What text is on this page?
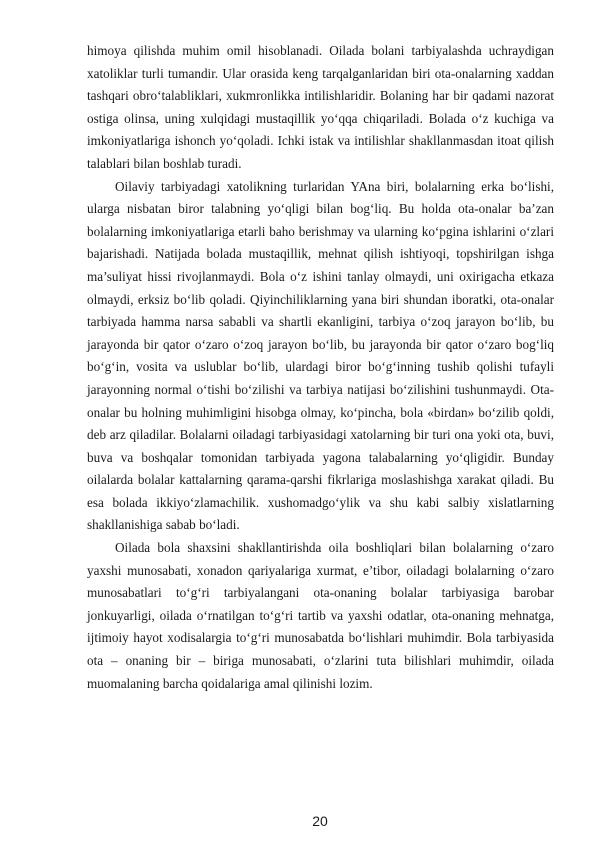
himoya qilishda muhim omil hisoblanadi. Oilada bolani tarbiyalashda uchraydigan xatoliklar turli tumandir. Ular orasida keng tarqalganlaridan biri ota-onalarning xaddan tashqari obro‘talabliklari, xukmronlikka intilishlaridir. Bolaning har bir qadami nazorat ostiga olinsa, uning xulqidagi mustaqillik yo‘qqa chiqariladi. Bolada o‘z kuchiga va imkoniyatlariga ishonch yo‘qoladi. Ichki istak va intilishlar shakllanmasdan itoat qilish talablari bilan boshlab turadi.

Oilaviy tarbiyadagi xatolikning turlaridan YAna biri, bolalarning erka bo‘lishi, ularga nisbatan biror talabning yo‘qligi bilan bog‘liq. Bu holda ota-onalar ba’zan bolalarning imkoniyatlariga etarli baho berishmay va ularning ko‘pgina ishlarini o‘zlari bajarishadi. Natijada bolada mustaqillik, mehnat qilish ishtiyoqi, topshirilgan ishga ma’suliyat hissi rivojlanmaydi. Bola o‘z ishini tanlay olmaydi, uni oxirigacha etkaza olmaydi, erksiz bo‘lib qoladi. Qiyinchiliklarning yana biri shundan iboratki, ota-onalar tarbiyada hamma narsa sababli va shartli ekanligini, tarbiya o‘zoq jarayon bo‘lib, bu jarayonda bir qator o‘zaro o‘zoq jarayon bo‘lib, bu jarayonda bir qator o‘zaro bog‘liq bo‘g‘in, vosita va uslublar bo‘lib, ulardagi biror bo‘g‘inning tushib qolishi tufayli jarayonning normal o‘tishi bo‘zilishi va tarbiya natijasi bo‘zilishini tushunmaydi. Ota-onalar bu holning muhimligini hisobga olmay, ko‘pincha, bola «birdan» bo‘zilib qoldi, deb arz qiladilar. Bolalarni oiladagi tarbiyasidagi xatolarning bir turi ona yoki ota, buvi, buva va boshqalar tomonidan tarbiyada yagona talabalarning yo‘qligidir. Bunday oilalarda bolalar kattalarning qarama-qarshi fikrlariga moslashishga xarakat qiladi. Bu esa bolada ikkiyo‘zlamachilik. xushomadgo‘ylik va shu kabi salbiy xislatlarning shakllanishiga sabab bo‘ladi.

Oilada bola shaxsini shakllantirishda oila boshliqlari bilan bolalarning o‘zaro yaxshi munosabati, xonadon qariyalariga xurmat, e’tibor, oiladagi bolalarning o‘zaro munosabatlari to‘g‘ri tarbiyalangani ota-onaning bolalar tarbiyasiga barobar jonkuyarligi, oilada o‘rnatilgan to‘g‘ri tartib va yaxshi odatlar, ota-onaning mehnatga, ijtimoiy hayot xodisalargia to‘g‘ri munosabatda bo‘lishlari muhimdir. Bola tarbiyasida ota – onaning bir – biriga munosabati, o‘zlarini tuta bilishlari muhimdir, oilada muomalaning barcha qoidalariga amal qilinishi lozim.

20
